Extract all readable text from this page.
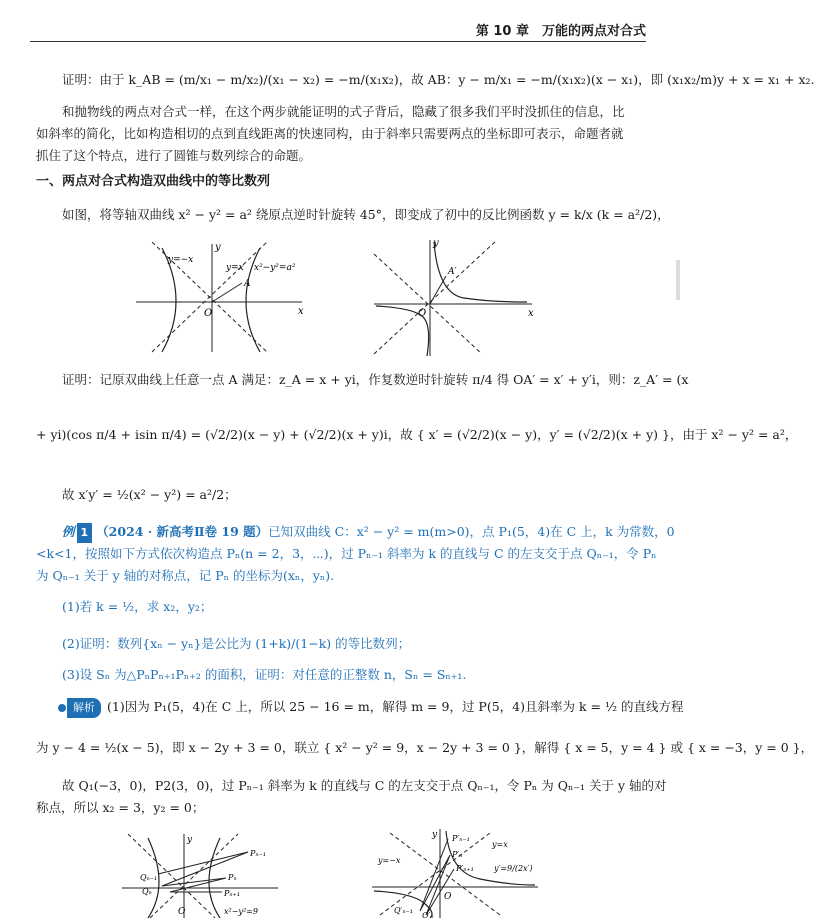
第 10 章　万能的两点对合式
证明：由于 k_AB = (m/x₁ − m/x₂)/(x₁ − x₂) = −m/(x₁x₂)，故 AB：y − m/x₁ = −m/(x₁x₂)(x − x₁)，即 (x₁x₂/m)y + x = x₁ + x₂.
和抛物线的两点对合式一样，在这个两步就能证明的式子背后，隐藏了很多我们平时没抓住的信息，比
如斜率的简化，比如构造相切的点到直线距离的快速同构，由于斜率只需要两点的坐标即可表示，命题者就
抓住了这个特点，进行了圆锥与数列综合的命题。
一、两点对合式构造双曲线中的等比数列
如图，将等轴双曲线 x² − y² = a² 绕原点逆时针旋转 45°，即变成了初中的反比例函数 y = k/x (k = a²/2)，
x
y
y=−x
y=x x²−y²=a²
A
O	x
y
A′
O
证明：记原双曲线上任意一点 A 满足：z_A = x + yi，作复数逆时针旋转 π/4 得 OA′ = x′ + y′i，则：z_A′ = (x
+ yi)(cos π/4 + isin π/4) = (√2/2)(x − y) + (√2/2)(x + y)i，故 { x′ = (√2/2)(x − y)，y′ = (√2/2)(x + y) }，由于 x² − y² = a²，
故 x′y′ = ½(x² − y²) = a²/2；
例 1 （2024 · 新高考Ⅱ卷 19 题）已知双曲线 C：x² − y² = m(m>0)，点 P₁(5，4)在 C 上，k 为常数，0
<k<1，按照如下方式依次构造点 Pₙ(n = 2，3，⋯)，过 Pₙ₋₁ 斜率为 k 的直线与 C 的左支交于点 Qₙ₋₁，令 Pₙ
为 Qₙ₋₁ 关于 y 轴的对称点，记 Pₙ 的坐标为(xₙ，yₙ).
(1)若 k = ½，求 x₂，y₂；
(2)证明：数列{xₙ − yₙ}是公比为 (1+k)/(1−k) 的等比数列；
(3)设 Sₙ 为△PₙPₙ₊₁Pₙ₊₂ 的面积，证明：对任意的正整数 n，Sₙ = Sₙ₊₁.
解析 (1)因为 P₁(5，4)在 C 上，所以 25 − 16 = m，解得 m = 9，过 P(5，4)且斜率为 k = ½ 的直线方程
为 y − 4 = ½(x − 5)，即 x − 2y + 3 = 0，联立 { x² − y² = 9，x − 2y + 3 = 0 }，解得 { x = 5，y = 4 } 或 { x = −3，y = 0 }，
故 Q₁(−3，0)，P2(3，0)，过 Pₙ₋₁ 斜率为 k 的直线与 C 的左支交于点 Qₙ₋₁，令 Pₙ 为 Qₙ₋₁ 关于 y 轴的对
称点，所以 x₂ = 3，y₂ = 0；
y
Qₙ₋₁
Qₙ
Pₙ₋₁
Pₙ
Pₙ₊₁
x²−y²=9
O
y P′ₙ₋₁
P′ₙ
P′ₙ₊₁
y=−x
y=x
y′=9/(2x′)
Q′ₙ₋₁
Q′ₙ
O
